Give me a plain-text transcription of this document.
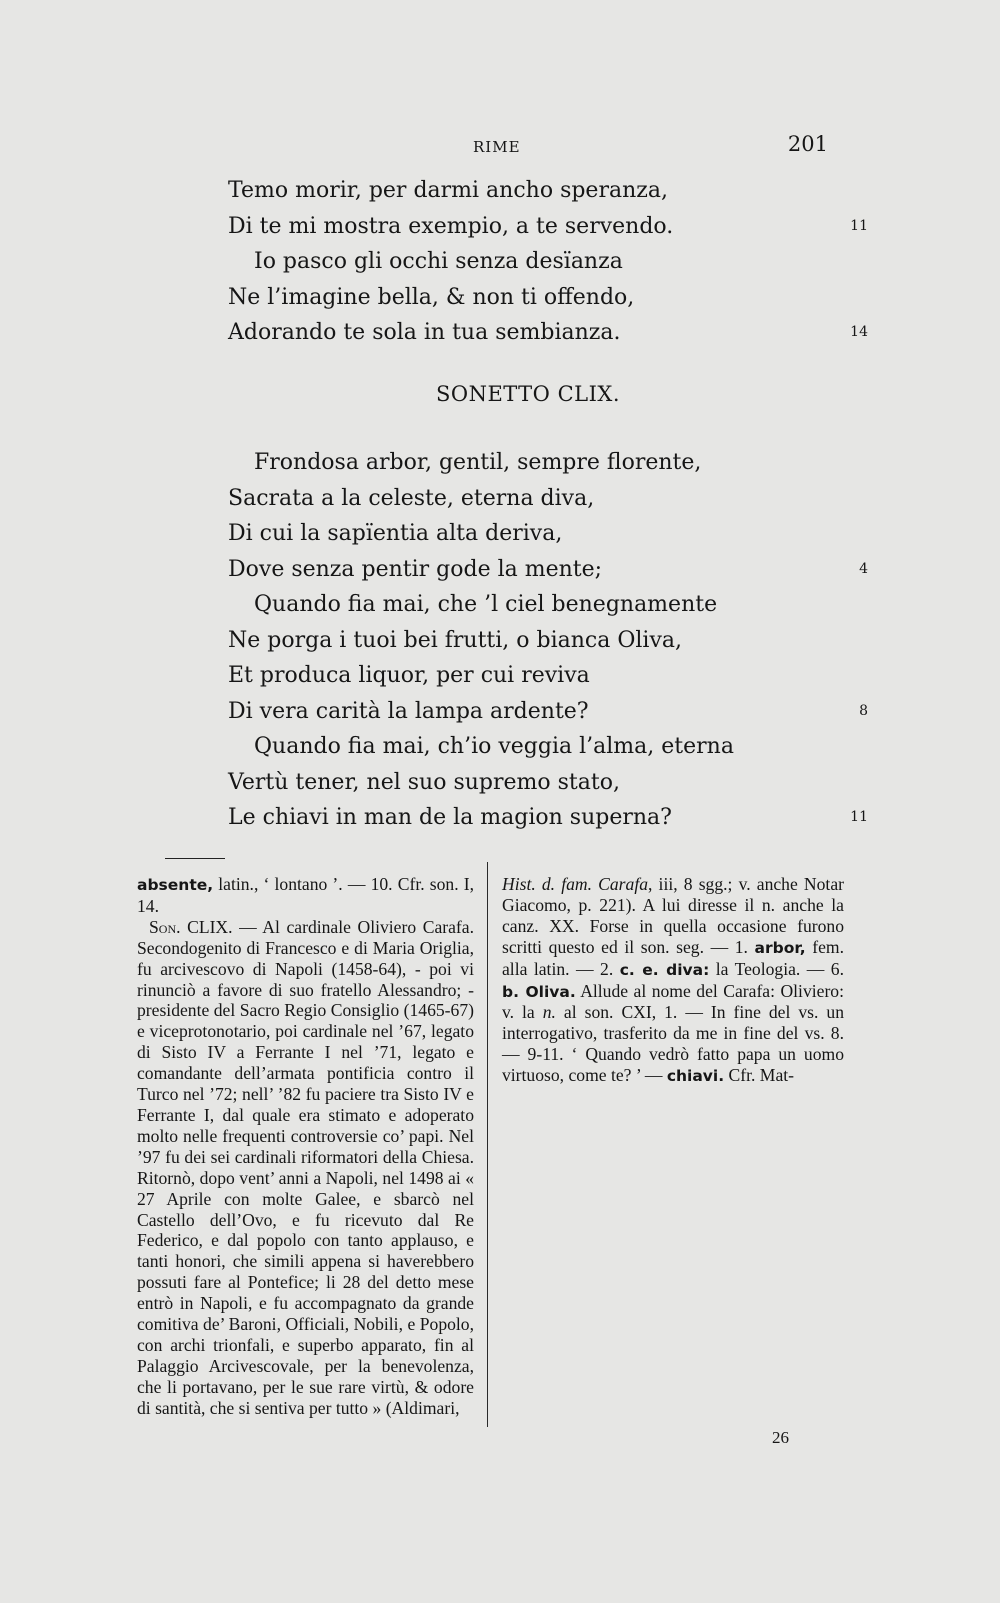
RIME	201
Temo morir, per darmi ancho speranza,
Di te mi mostra exempio, a te servendo.	11
Io pasco gli occhi senza desïanza
Ne l’imagine bella, & non ti offendo,
Adorando te sola in tua sembianza.	14
SONETTO CLIX.
Frondosa arbor, gentil, sempre florente,
Sacrata a la celeste, eterna diva,
Di cui la sapïentia alta deriva,
Dove senza pentir gode la mente;	4
Quando fia mai, che ’l ciel benegnamente
Ne porga i tuoi bei frutti, o bianca Oliva,
Et produca liquor, per cui reviva
Di vera carità la lampa ardente?	8
Quando fia mai, ch’io veggia l’alma, eterna
Vertù tener, nel suo supremo stato,
Le chiavi in man de la magion superna?	11

absente, latin., ‘ lontano ’. — 10. Cfr. son. I, 14.

Son. CLIX. — Al cardinale Oliviero Carafa. Secondogenito di Francesco e di Maria Origlia, fu arcivescovo di Napoli (1458-64), - poi vi rinunciò a favore di suo fratello Alessandro; - presidente del Sacro Regio Consiglio (1465-67) e viceprotonotario, poi cardinale nel ’67, legato di Sisto IV a Ferrante I nel ’71, legato e comandante dell’armata pontificia contro il Turco nel ’72; nell’ ’82 fu paciere tra Sisto IV e Ferrante I, dal quale era stimato e adoperato molto nelle frequenti controversie co’ papi. Nel ’97 fu dei sei cardinali riformatori della Chiesa. Ritornò, dopo vent’ anni a Napoli, nel 1498 ai « 27 Aprile con molte Galee, e sbarcò nel Castello dell’Ovo, e fu ricevuto dal Re Federico, e dal popolo con tanto applauso, e tanti honori, che simili appena si haverebbero possuti fare al Pontefice; li 28 del detto mese entrò in Napoli, e fu accompagnato da grande comitiva de’ Baroni, Officiali, Nobili, e Popolo, con archi trionfali, e superbo apparato, fin al Palaggio Arcivescovale, per la benevolenza, che li portavano, per le sue rare virtù, & odore di santità, che si sentiva per tutto » (Aldimari,

Hist. d. fam. Carafa, iii, 8 sgg.; v. anche Notar Giacomo, p. 221). A lui diresse il n. anche la canz. XX. Forse in quella occasione furono scritti questo ed il son. seg. — 1. arbor, fem. alla latin. — 2. c. e. diva: la Teologia. — 6. b. Oliva. Allude al nome del Carafa: Oliviero: v. la n. al son. CXI, 1. — In fine del vs. un interrogativo, trasferito da me in fine del vs. 8. — 9-11. ‘ Quando vedrò fatto papa un uomo virtuoso, come te? ’ — chiavi. Cfr. Mat-

26
